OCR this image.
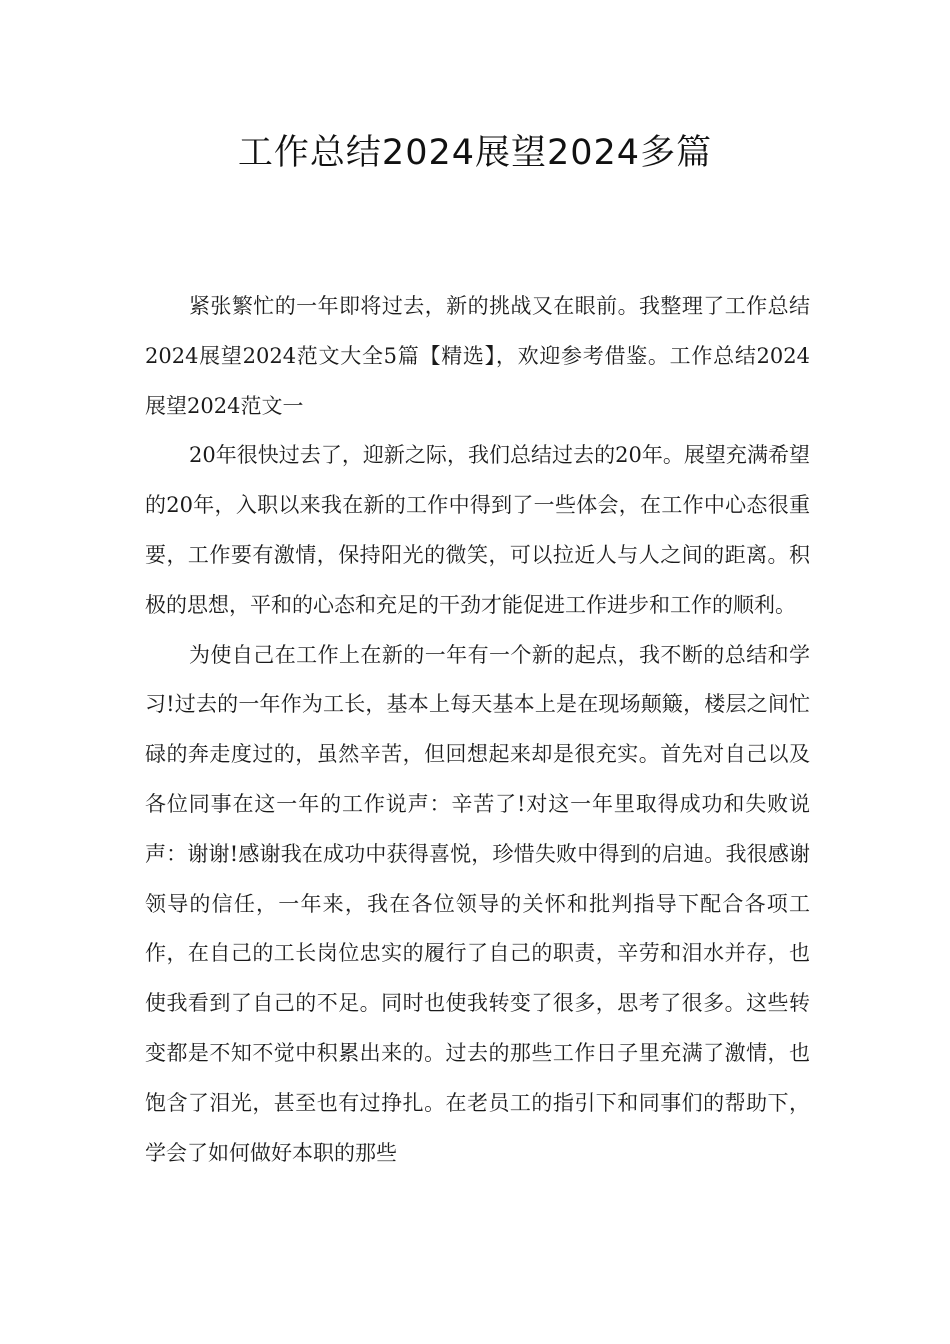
工作总结2024展望2024多篇

紧张繁忙的一年即将过去，新的挑战又在眼前。我整理了工作总结2024展望2024范文大全5篇【精选】，欢迎参考借鉴。工作总结2024展望2024范文一

20年很快过去了，迎新之际，我们总结过去的20年。展望充满希望的20年，入职以来我在新的工作中得到了一些体会，在工作中心态很重要，工作要有激情，保持阳光的微笑，可以拉近人与人之间的距离。积极的思想，平和的心态和充足的干劲才能促进工作进步和工作的顺利。

为使自己在工作上在新的一年有一个新的起点，我不断的总结和学习!过去的一年作为工长，基本上每天基本上是在现场颠簸，楼层之间忙碌的奔走度过的，虽然辛苦，但回想起来却是很充实。首先对自己以及各位同事在这一年的工作说声：辛苦了!对这一年里取得成功和失败说声：谢谢!感谢我在成功中获得喜悦，珍惜失败中得到的启迪。我很感谢领导的信任，一年来，我在各位领导的关怀和批判指导下配合各项工作，在自己的工长岗位忠实的履行了自己的职责，辛劳和泪水并存，也使我看到了自己的不足。同时也使我转变了很多，思考了很多。这些转变都是不知不觉中积累出来的。过去的那些工作日子里充满了激情，也饱含了泪光，甚至也有过挣扎。在老员工的指引下和同事们的帮助下，学会了如何做好本职的那些
